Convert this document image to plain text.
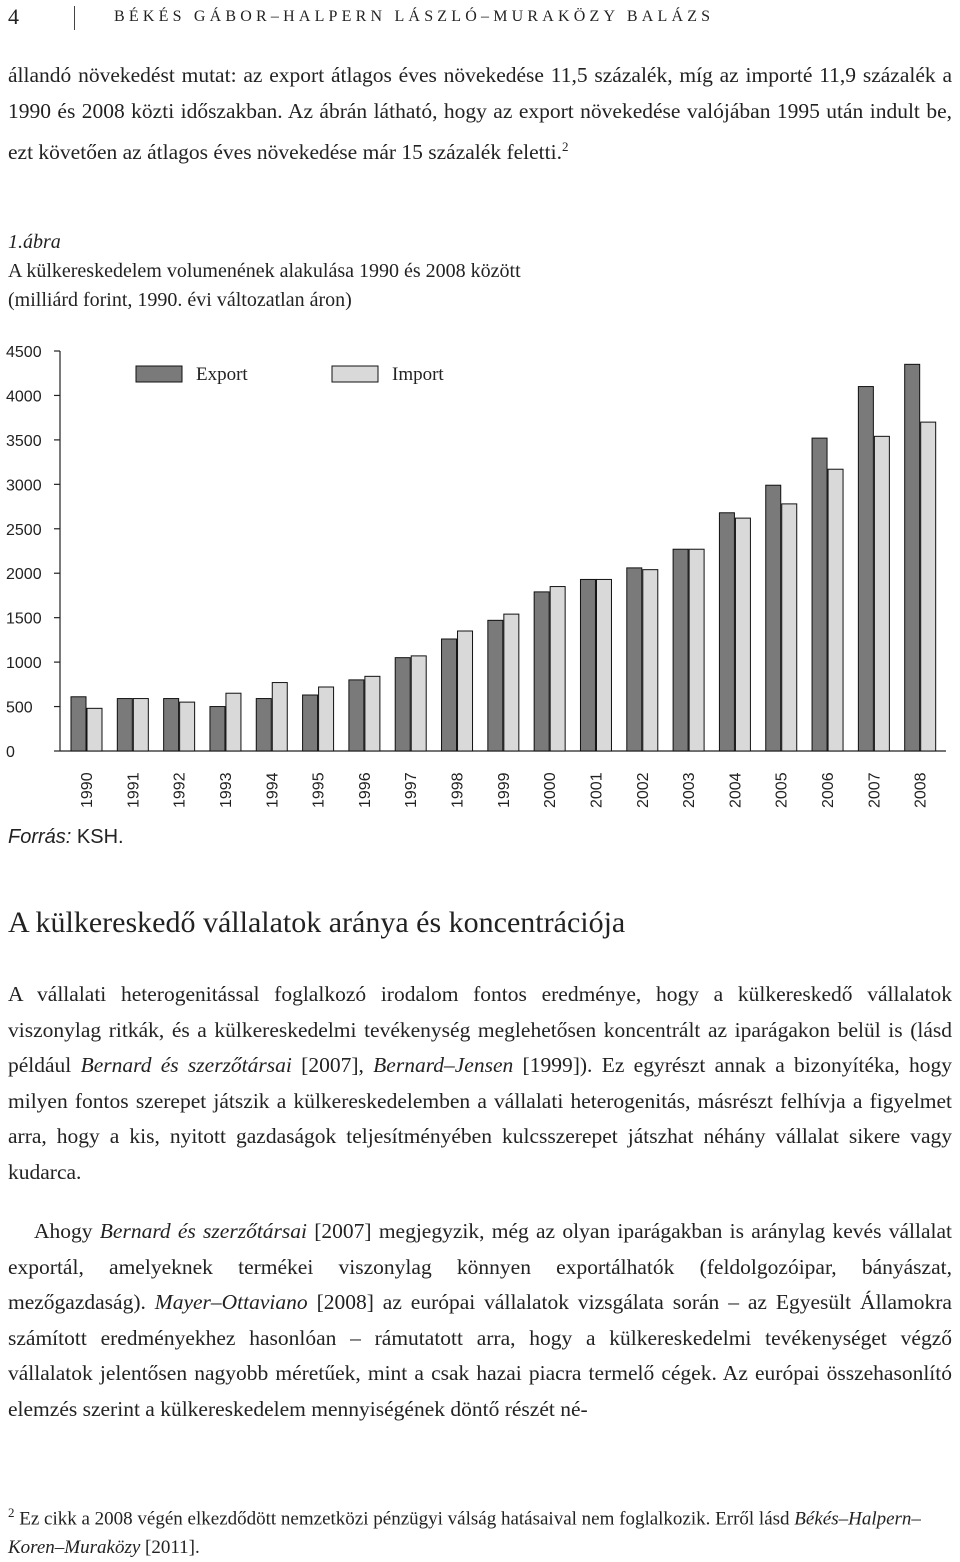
4	BÉKÉS GÁBOR–HALPERN LÁSZLÓ–MURAKÖZY BALÁZS
állandó növekedést mutat: az export átlagos éves növekedése 11,5 százalék, míg az importé 11,9 százalék a 1990 és 2008 közti időszakban. Az ábrán látható, hogy az export növekedése valójában 1995 után indult be, ezt követően az átlagos éves növekedése már 15 százalék feletti.$^2$
1.ábra
A külkereskedelem volumenének alakulása 1990 és 2008 között
(milliárd forint, 1990. évi változatlan áron)
0
500
1000
1500
2000
2500
3000
3500
4000
4500
1990 1991 1992 1993 1994 1995 1996 1997 1998 1999 2000 2001 2002 2003 2004 2005 2006 2007 2008
Export	Import
Forrás: KSH.
A külkereskedő vállalatok aránya és koncentrációja
A vállalati heterogenitással foglalkozó irodalom fontos eredménye, hogy a külkereskedő vállalatok viszonylag ritkák, és a külkereskedelmi tevékenység meglehetősen koncentrált az iparágakon belül is (lásd például Bernard és szerzőtársai [2007], Bernard–Jensen [1999]). Ez egyrészt annak a bizonyítéka, hogy milyen fontos szerepet játszik a külkereskedelemben a vállalati heterogenitás, másrészt felhívja a figyelmet arra, hogy a kis, nyitott gazdaságok teljesítményében kulcsszerepet játszhat néhány vállalat sikere vagy kudarca.
Ahogy Bernard és szerzőtársai [2007] megjegyzik, még az olyan iparágakban is aránylag kevés vállalat exportál, amelyeknek termékei viszonylag könnyen exportálhatók (feldolgozóipar, bányászat, mezőgazdaság). Mayer–Ottaviano [2008] az európai vállalatok vizsgálata során – az Egyesült Államokra számított eredményekhez hasonlóan – rámutatott arra, hogy a külkereskedelmi tevékenységet végző vállalatok jelentősen nagyobb méretűek, mint a csak hazai piacra termelő cégek. Az európai összehasonlító elemzés szerint a külkereskedelem mennyiségének döntő részét né-
$^2$ Ez cikk a 2008 végén elkezdődött nemzetközi pénzügyi válság hatásaival nem foglalkozik. Erről lásd Békés–Halpern–Koren–Muraközy [2011].
